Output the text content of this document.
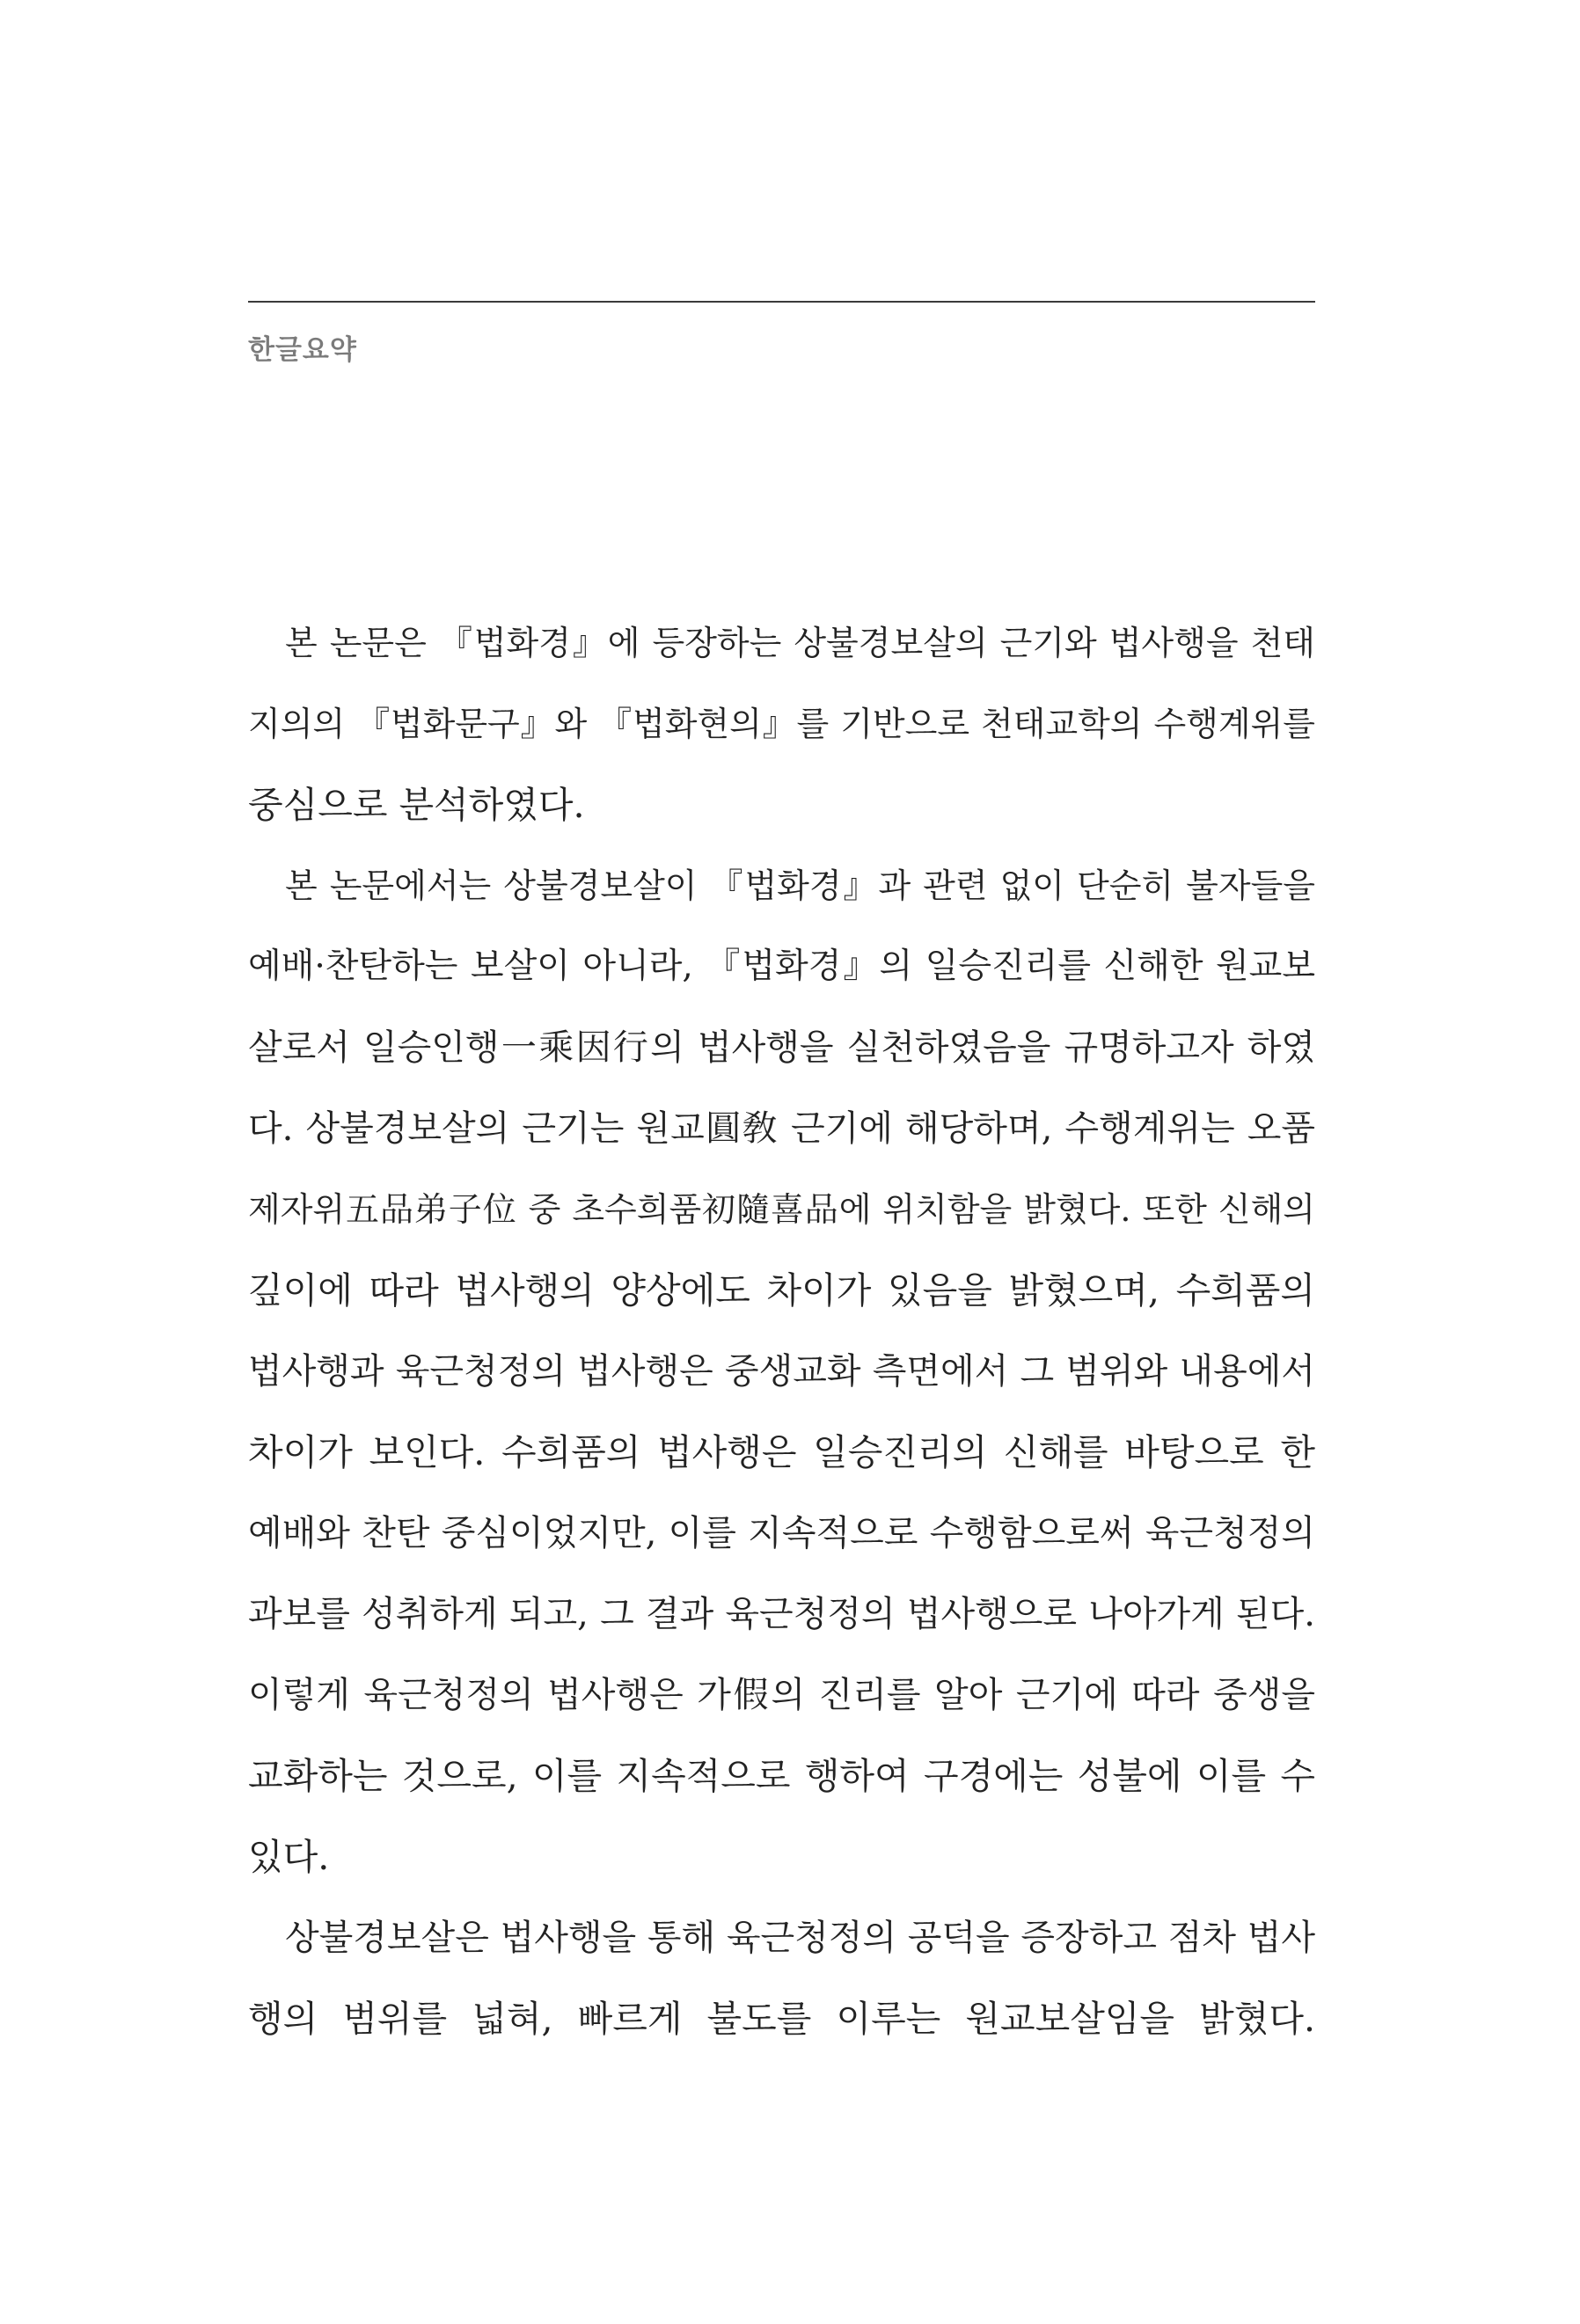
한글요약

본 논문은 『법화경』에 등장하는 상불경보살의 근기와 법사행을 천태
지의의 『법화문구』와 『법화현의』를 기반으로 천태교학의 수행계위를
중심으로 분석하였다.

본 논문에서는 상불경보살이 『법화경』과 관련 없이 단순히 불자들을
예배·찬탄하는 보살이 아니라, 『법화경』의 일승진리를 신해한 원교보
살로서 일승인행一乘因行의 법사행을 실천하였음을 규명하고자 하였
다. 상불경보살의 근기는 원교圓敎 근기에 해당하며, 수행계위는 오품
제자위五品弟子位 중 초수희품初隨喜品에 위치함을 밝혔다. 또한 신해의
깊이에 따라 법사행의 양상에도 차이가 있음을 밝혔으며, 수희품의
법사행과 육근청정의 법사행은 중생교화 측면에서 그 범위와 내용에서
차이가 보인다. 수희품의 법사행은 일승진리의 신해를 바탕으로 한
예배와 찬탄 중심이었지만, 이를 지속적으로 수행함으로써 육근청정의
과보를 성취하게 되고, 그 결과 육근청정의 법사행으로 나아가게 된다.
이렇게 육근청정의 법사행은 가假의 진리를 알아 근기에 따라 중생을
교화하는 것으로, 이를 지속적으로 행하여 구경에는 성불에 이를 수
있다.

상불경보살은 법사행을 통해 육근청정의 공덕을 증장하고 점차 법사
행의 범위를 넓혀, 빠르게 불도를 이루는 원교보살임을 밝혔다.
